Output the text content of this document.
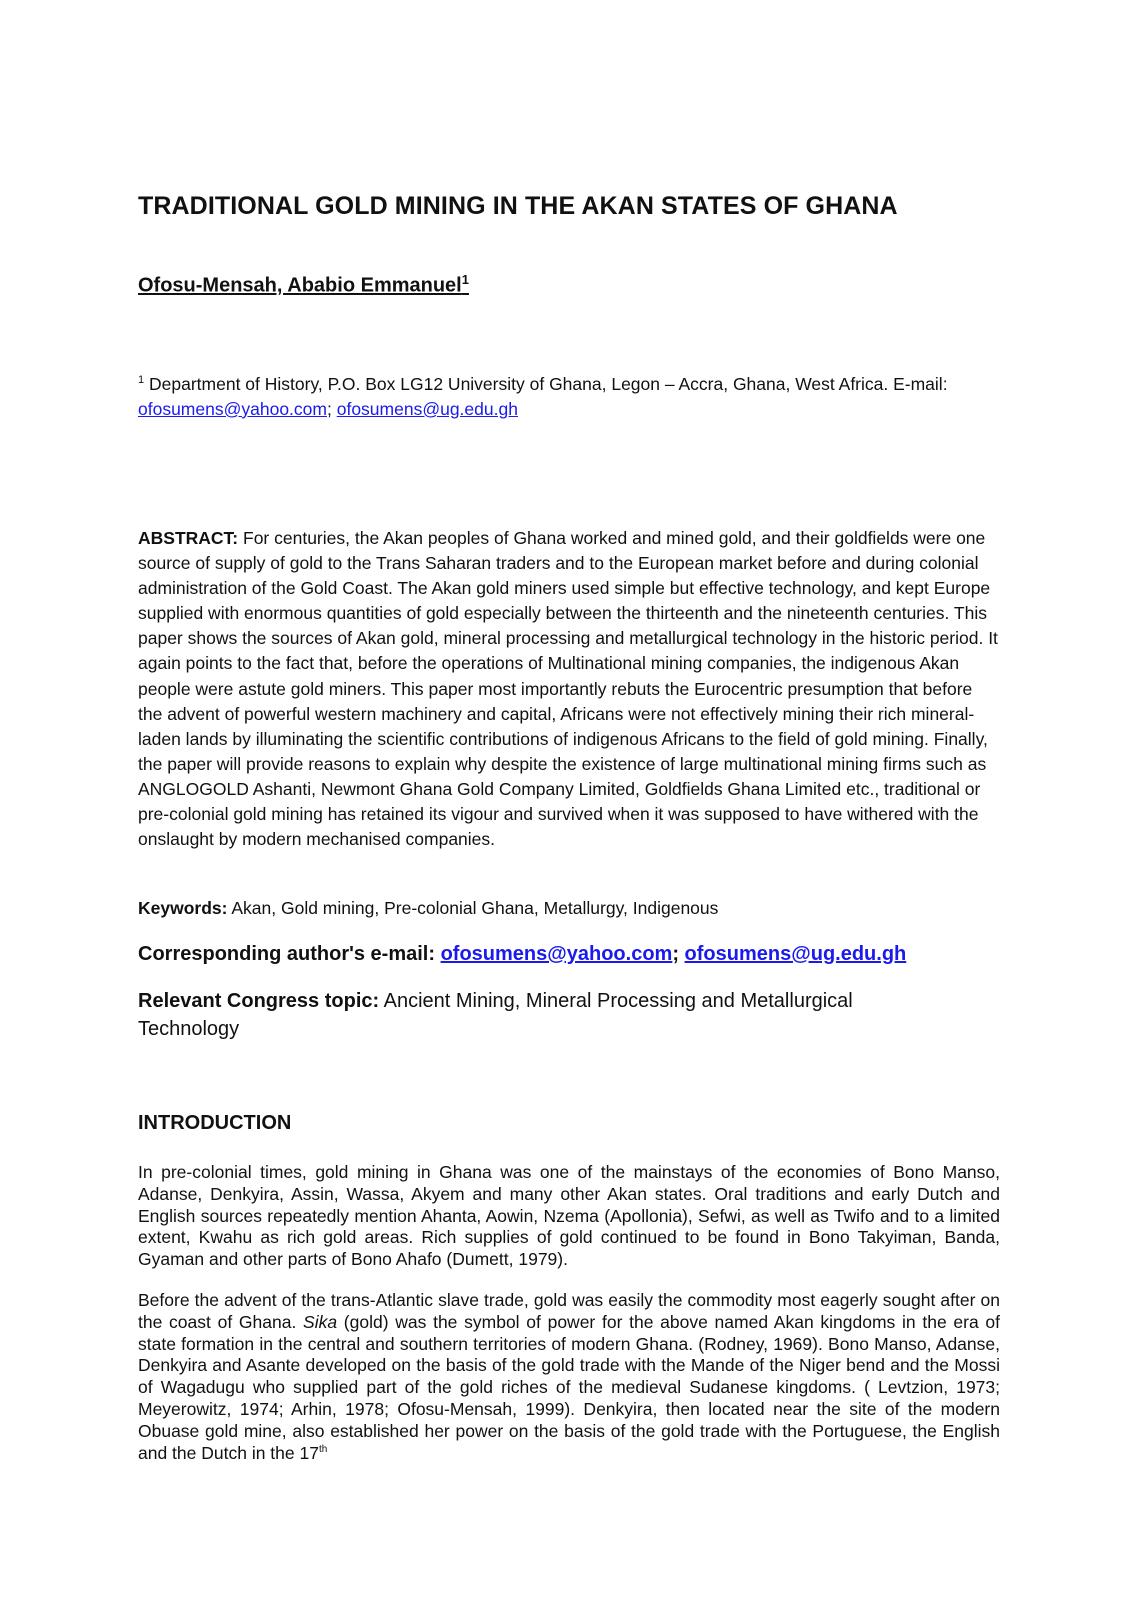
TRADITIONAL GOLD MINING IN THE AKAN STATES OF GHANA
Ofosu-Mensah, Ababio Emmanuel$^1$
$^1$ Department of History, P.O. Box LG12 University of Ghana, Legon – Accra, Ghana, West Africa. E-mail: ofosumens@yahoo.com; ofosumens@ug.edu.gh

ABSTRACT: For centuries, the Akan peoples of Ghana worked and mined gold, and their goldfields were one source of supply of gold to the Trans Saharan traders and to the European market before and during colonial administration of the Gold Coast. The Akan gold miners used simple but effective technology, and kept Europe supplied with enormous quantities of gold especially between the thirteenth and the nineteenth centuries. This paper shows the sources of Akan gold, mineral processing and metallurgical technology in the historic period. It again points to the fact that, before the operations of Multinational mining companies, the indigenous Akan people were astute gold miners. This paper most importantly rebuts the Eurocentric presumption that before the advent of powerful western machinery and capital, Africans were not effectively mining their rich mineral-laden lands by illuminating the scientific contributions of indigenous Africans to the field of gold mining. Finally, the paper will provide reasons to explain why despite the existence of large multinational mining firms such as ANGLOGOLD Ashanti, Newmont Ghana Gold Company Limited, Goldfields Ghana Limited etc., traditional or pre-colonial gold mining has retained its vigour and survived when it was supposed to have withered with the onslaught by modern mechanised companies.

Keywords: Akan, Gold mining, Pre-colonial Ghana, Metallurgy, Indigenous
Corresponding author's e-mail: ofosumens@yahoo.com; ofosumens@ug.edu.gh
Relevant Congress topic: Ancient Mining, Mineral Processing and Metallurgical Technology
INTRODUCTION

In pre-colonial times, gold mining in Ghana was one of the mainstays of the economies of Bono Manso, Adanse, Denkyira, Assin, Wassa, Akyem and many other Akan states. Oral traditions and early Dutch and English sources repeatedly mention Ahanta, Aowin, Nzema (Apollonia), Sefwi, as well as Twifo and to a limited extent, Kwahu as rich gold areas. Rich supplies of gold continued to be found in Bono Takyiman, Banda, Gyaman and other parts of Bono Ahafo (Dumett, 1979).

Before the advent of the trans-Atlantic slave trade, gold was easily the commodity most eagerly sought after on the coast of Ghana. Sika (gold) was the symbol of power for the above named Akan kingdoms in the era of state formation in the central and southern territories of modern Ghana. (Rodney, 1969). Bono Manso, Adanse, Denkyira and Asante developed on the basis of the gold trade with the Mande of the Niger bend and the Mossi of Wagadugu who supplied part of the gold riches of the medieval Sudanese kingdoms. ( Levtzion, 1973; Meyerowitz, 1974; Arhin, 1978; Ofosu-Mensah, 1999). Denkyira, then located near the site of the modern Obuase gold mine, also established her power on the basis of the gold trade with the Portuguese, the English and the Dutch in the 17th
